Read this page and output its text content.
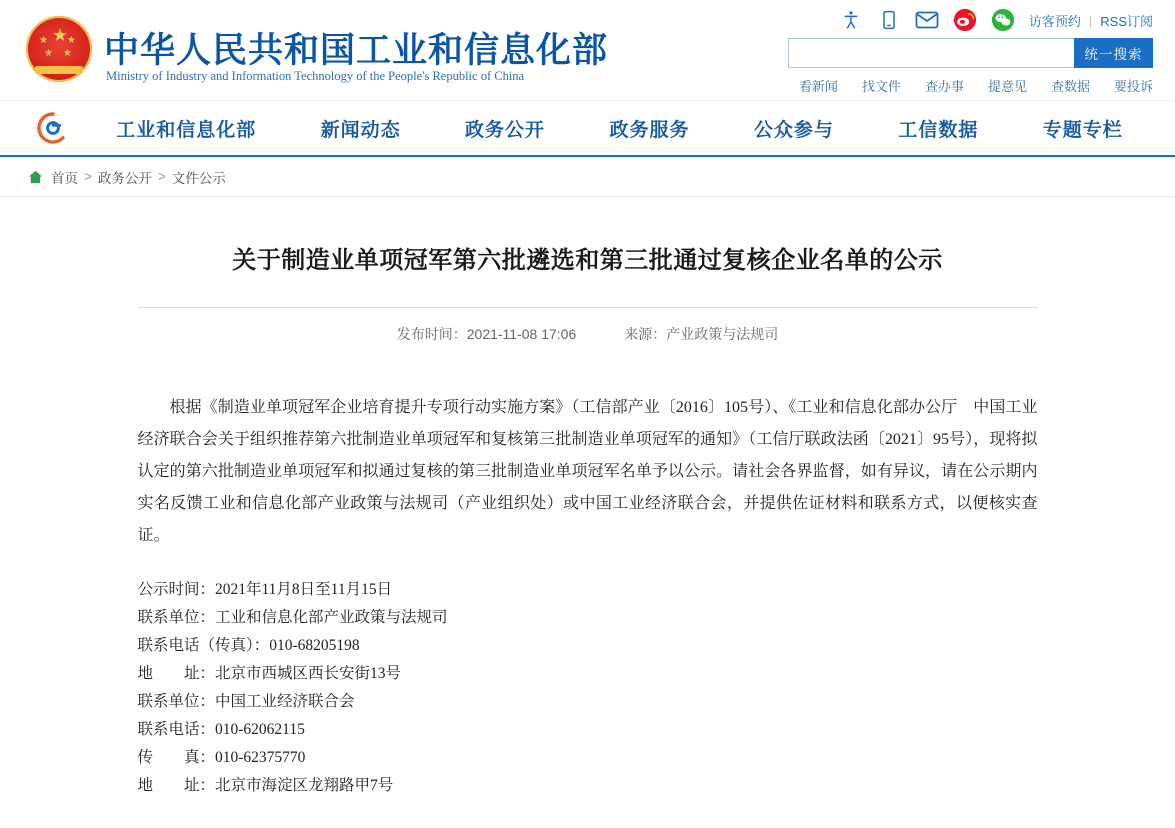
★
★ ★
★ ★ 中华人民共和国工业和信息化部
Ministry of Industry and Information Technology of the People's Republic of China
访客预约 | RSS订阅
统一搜索
看新闻 找文件 查办事 提意见 查数据 要投诉
工业和信息化部	新闻动态	政务公开	政务服务	公众参与	工信数据	专题专栏
首页 > 政务公开 > 文件公示
关于制造业单项冠军第六批遴选和第三批通过复核企业名单的公示
发布时间：2021-11-08 17:06	来源：产业政策与法规司

根据《制造业单项冠军企业培育提升专项行动实施方案》（工信部产业〔2016〕105号）、《工业和信息化部办公厅　中国工业经济联合会关于组织推荐第六批制造业单项冠军和复核第三批制造业单项冠军的通知》（工信厅联政法函〔2021〕95号），现将拟认定的第六批制造业单项冠军和拟通过复核的第三批制造业单项冠军名单予以公示。请社会各界监督，如有异议，请在公示期内实名反馈工业和信息化部产业政策与法规司（产业组织处）或中国工业经济联合会，并提供佐证材料和联系方式，以便核实查证。

公示时间：2021年11月8日至11月15日
联系单位：工业和信息化部产业政策与法规司
联系电话（传真）：010-68205198
地　　址：北京市西城区西长安街13号
联系单位：中国工业经济联合会
联系电话：010-62062115
传　　真：010-62375770
地　　址：北京市海淀区龙翔路甲7号
